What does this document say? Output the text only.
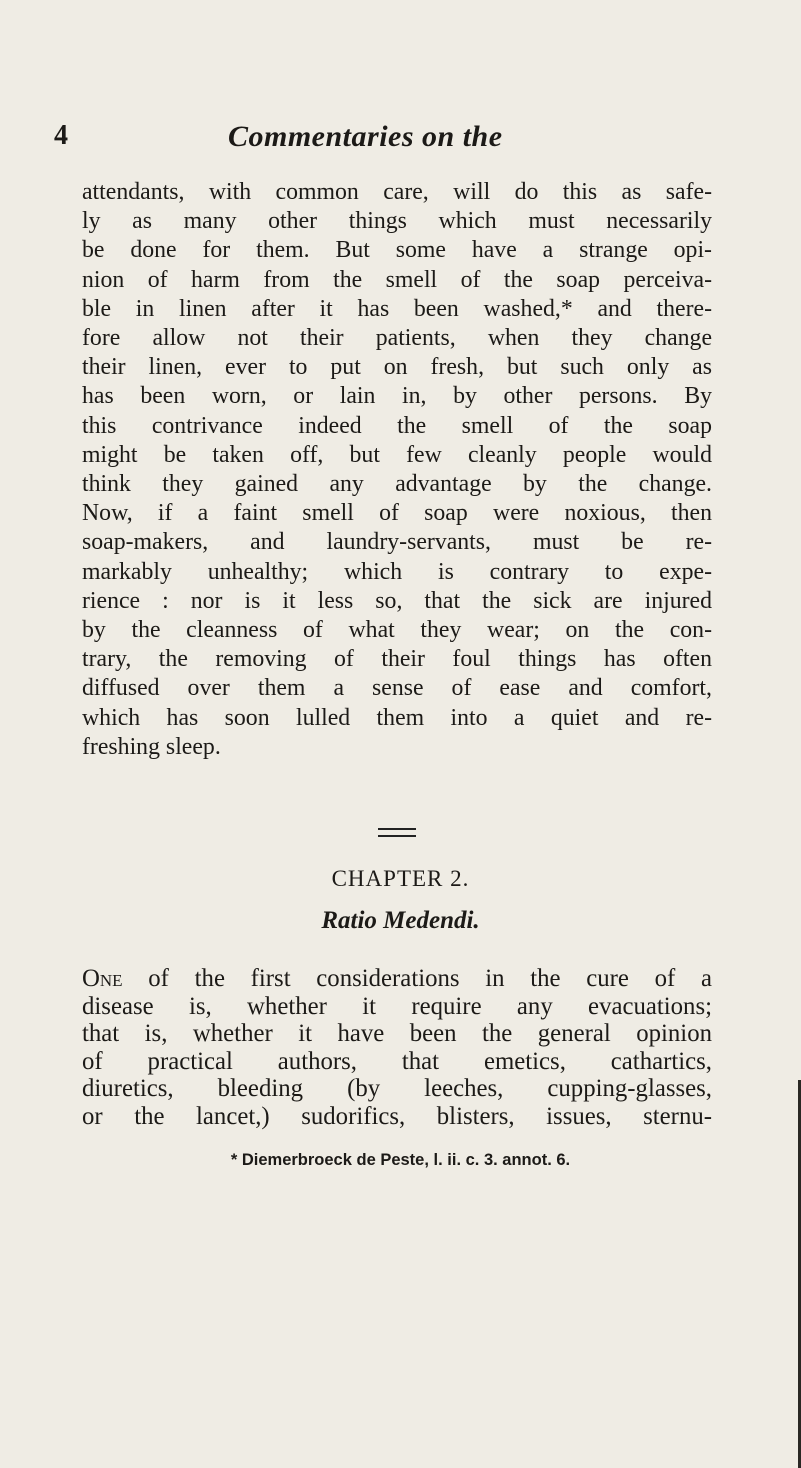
4	Commentaries on the
attendants, with common care, will do this as safe-
ly as many other things which must necessarily
be done for them. But some have a strange opi-
nion of harm from the smell of the soap perceiva-
ble in linen after it has been washed,* and there-
fore allow not their patients, when they change
their linen, ever to put on fresh, but such only as
has been worn, or lain in, by other persons. By
this contrivance indeed the smell of the soap
might be taken off, but few cleanly people would
think they gained any advantage by the change.
Now, if a faint smell of soap were noxious, then
soap-makers, and laundry-servants, must be re-
markably unhealthy; which is contrary to expe-
rience : nor is it less so, that the sick are injured
by the cleanness of what they wear; on the con-
trary, the removing of their foul things has often
diffused over them a sense of ease and comfort,
which has soon lulled them into a quiet and re-
freshing sleep.
CHAPTER 2.
Ratio Medendi.
One of the first considerations in the cure of a
disease is, whether it require any evacuations;
that is, whether it have been the general opinion
of practical authors, that emetics, cathartics,
diuretics, bleeding (by leeches, cupping-glasses,
or the lancet,) sudorifics, blisters, issues, sternu-
* Diemerbroeck de Peste, l. ii. c. 3. annot. 6.
